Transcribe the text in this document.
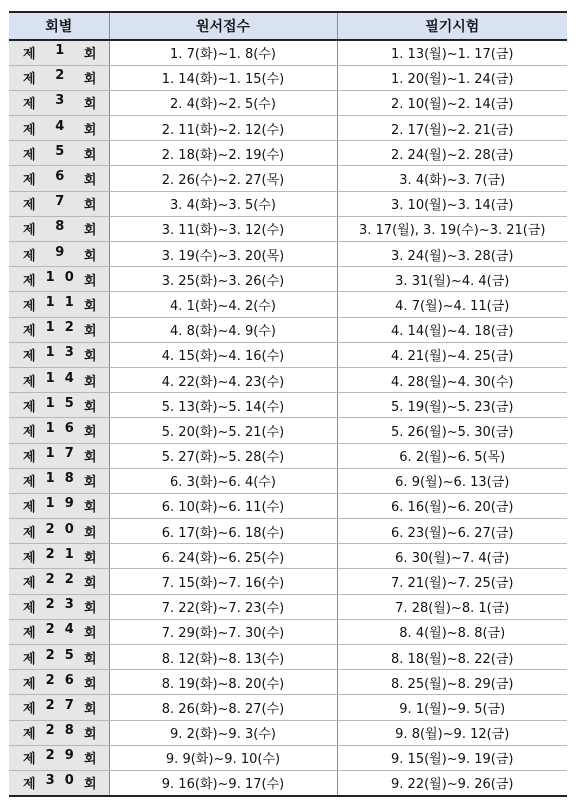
회별	원서접수	필기시험

제 1 회	1. 7(화)~1. 8(수)	1. 13(월)~1. 17(금)

제 2 회	1. 14(화)~1. 15(수)	1. 20(월)~1. 24(금)

제 3 회	2. 4(화)~2. 5(수)	2. 10(월)~2. 14(금)

제 4 회	2. 11(화)~2. 12(수)	2. 17(월)~2. 21(금)

제 5 회	2. 18(화)~2. 19(수)	2. 24(월)~2. 28(금)

제 6 회	2. 26(수)~2. 27(목)	3. 4(화)~3. 7(금)

제 7 회	3. 4(화)~3. 5(수)	3. 10(월)~3. 14(금)

제 8 회	3. 11(화)~3. 12(수)	3. 17(월), 3. 19(수)~3. 21(금)

제 9 회	3. 19(수)~3. 20(목)	3. 24(월)~3. 28(금)

제 1 0 회	3. 25(화)~3. 26(수)	3. 31(월)~4. 4(금)

제 1 1 회	4. 1(화)~4. 2(수)	4. 7(월)~4. 11(금)

제 1 2 회	4. 8(화)~4. 9(수)	4. 14(월)~4. 18(금)

제 1 3 회	4. 15(화)~4. 16(수)	4. 21(월)~4. 25(금)

제 1 4 회	4. 22(화)~4. 23(수)	4. 28(월)~4. 30(수)

제 1 5 회	5. 13(화)~5. 14(수)	5. 19(월)~5. 23(금)

제 1 6 회	5. 20(화)~5. 21(수)	5. 26(월)~5. 30(금)

제 1 7 회	5. 27(화)~5. 28(수)	6. 2(월)~6. 5(목)

제 1 8 회	6. 3(화)~6. 4(수)	6. 9(월)~6. 13(금)

제 1 9 회	6. 10(화)~6. 11(수)	6. 16(월)~6. 20(금)

제 2 0 회	6. 17(화)~6. 18(수)	6. 23(월)~6. 27(금)

제 2 1 회	6. 24(화)~6. 25(수)	6. 30(월)~7. 4(금)

제 2 2 회	7. 15(화)~7. 16(수)	7. 21(월)~7. 25(금)

제 2 3 회	7. 22(화)~7. 23(수)	7. 28(월)~8. 1(금)

제 2 4 회	7. 29(화)~7. 30(수)	8. 4(월)~8. 8(금)

제 2 5 회	8. 12(화)~8. 13(수)	8. 18(월)~8. 22(금)

제 2 6 회	8. 19(화)~8. 20(수)	8. 25(월)~8. 29(금)

제 2 7 회	8. 26(화)~8. 27(수)	9. 1(월)~9. 5(금)

제 2 8 회	9. 2(화)~9. 3(수)	9. 8(월)~9. 12(금)

제 2 9 회	9. 9(화)~9. 10(수)	9. 15(월)~9. 19(금)

제 3 0 회	9. 16(화)~9. 17(수)	9. 22(월)~9. 26(금)
